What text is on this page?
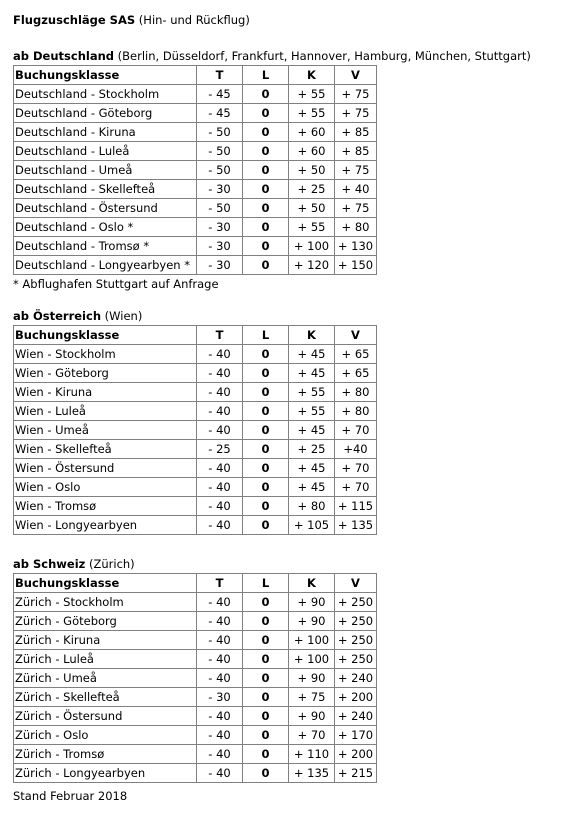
Flugzuschläge SAS (Hin- und Rückflug)
ab Deutschland (Berlin, Düsseldorf, Frankfurt, Hannover, Hamburg, München, Stuttgart)
Buchungsklasse	T	L	K	V
Deutschland - Stockholm	- 45	0	+ 55	+ 75
Deutschland - Göteborg	- 45	0	+ 55	+ 75
Deutschland - Kiruna	- 50	0	+ 60	+ 85
Deutschland - Luleå	- 50	0	+ 60	+ 85
Deutschland - Umeå	- 50	0	+ 50	+ 75
Deutschland - Skellefteå	- 30	0	+ 25	+ 40
Deutschland - Östersund	- 50	0	+ 50	+ 75
Deutschland - Oslo *	- 30	0	+ 55	+ 80
Deutschland - Tromsø *	- 30	0	+ 100	+ 130
Deutschland - Longyearbyen *	- 30	0	+ 120	+ 150
* Abflughafen Stuttgart auf Anfrage
ab Österreich (Wien)
Buchungsklasse	T	L	K	V
Wien - Stockholm	- 40	0	+ 45	+ 65
Wien - Göteborg	- 40	0	+ 45	+ 65
Wien - Kiruna	- 40	0	+ 55	+ 80
Wien - Luleå	- 40	0	+ 55	+ 80
Wien - Umeå	- 40	0	+ 45	+ 70
Wien - Skellefteå	- 25	0	+ 25	+40
Wien - Östersund	- 40	0	+ 45	+ 70
Wien - Oslo	- 40	0	+ 45	+ 70
Wien - Tromsø	- 40	0	+ 80	+ 115
Wien - Longyearbyen	- 40	0	+ 105	+ 135
ab Schweiz (Zürich)
Buchungsklasse	T	L	K	V
Zürich - Stockholm	- 40	0	+ 90	+ 250
Zürich - Göteborg	- 40	0	+ 90	+ 250
Zürich - Kiruna	- 40	0	+ 100	+ 250
Zürich - Luleå	- 40	0	+ 100	+ 250
Zürich - Umeå	- 40	0	+ 90	+ 240
Zürich - Skellefteå	- 30	0	+ 75	+ 200
Zürich - Östersund	- 40	0	+ 90	+ 240
Zürich - Oslo	- 40	0	+ 70	+ 170
Zürich - Tromsø	- 40	0	+ 110	+ 200
Zürich - Longyearbyen	- 40	0	+ 135	+ 215
Stand Februar 2018
